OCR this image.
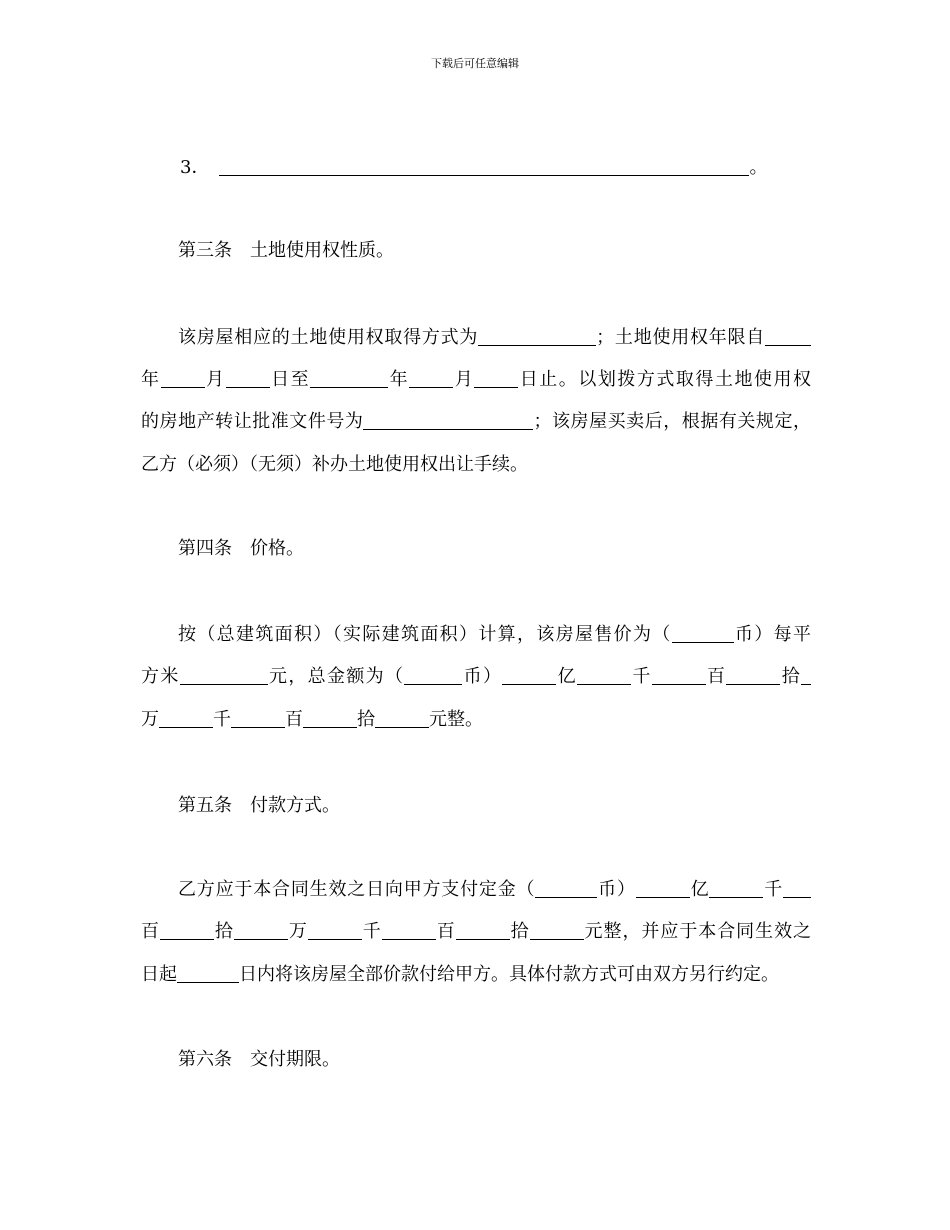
下载后可任意编辑
3．	。
第三条　土地使用权性质。
该房屋相应的土地使用权取得方式为	；土地使用权年限自
年 月 日至	年 月 日止。以划拨方式取得土地使用权
的房地产转让批准文件号为	；该房屋买卖后，根据有关规定，
乙方（必须）（无须）补办土地使用权出让手续。
第四条　价格。
按（总建筑面积）（实际建筑面积）计算，该房屋售价为（	币）每平
方米	元，总金额为（	币）	亿	千	百	拾
万	千	百	拾	元整。
第五条　付款方式。
乙方应于本合同生效之日向甲方支付定金（	币）	亿	千
百	拾	万	千	百	拾	元整，并应于本合同生效之
日起	日内将该房屋全部价款付给甲方。具体付款方式可由双方另行约定。
第六条　交付期限。
